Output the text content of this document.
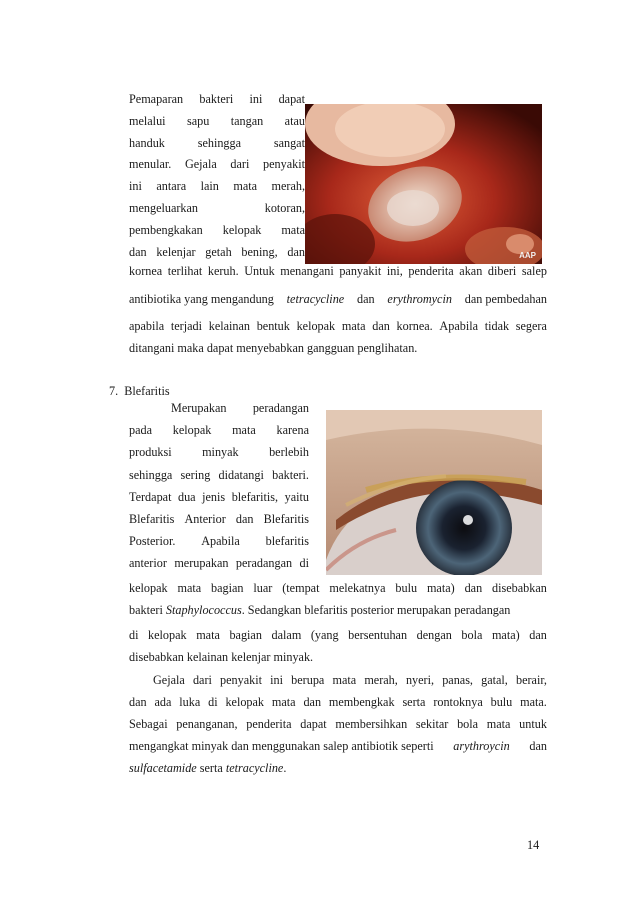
Pemaparan bakteri ini dapat
melalui sapu tangan atau
handuk	sehingga	sangat
menular. Gejala dari penyakit
ini antara lain mata merah,
mengeluarkan	kotoran,
pembengkakan kelopak mata
dan kelenjar getah bening, dan	AAP
kornea terlihat keruh. Untuk menangani panyakit ini, penderita akan diberi salep
antibiotika yang mengandung tetracycline dan erythromycin dan pembedahan
apabila terjadi kelainan bentuk kelopak mata dan kornea. Apabila tidak segera
ditangani maka dapat menyebabkan gangguan penglihatan.
7.  Blefaritis
Merupakan peradangan
pada kelopak mata karena
produksi minyak berlebih
sehingga sering didatangi bakteri.
Terdapat dua jenis blefaritis, yaitu
Blefaritis Anterior dan Blefaritis
Posterior. Apabila blefaritis
anterior merupakan peradangan di
kelopak mata bagian luar (tempat melekatnya bulu mata) dan disebabkan
bakteri Staphylococcus. Sedangkan blefaritis posterior merupakan peradangan
di kelopak mata bagian dalam (yang bersentuhan dengan bola mata) dan
disebabkan kelainan kelenjar minyak.
Gejala dari penyakit ini berupa mata merah, nyeri, panas, gatal, berair,
dan ada luka di kelopak mata dan membengkak serta rontoknya bulu mata.
Sebagai penanganan, penderita dapat membersihkan sekitar bola mata untuk
mengangkat minyak dan menggunakan salep antibiotik seperti arythroycin dan
sulfacetamide serta tetracycline.
14
